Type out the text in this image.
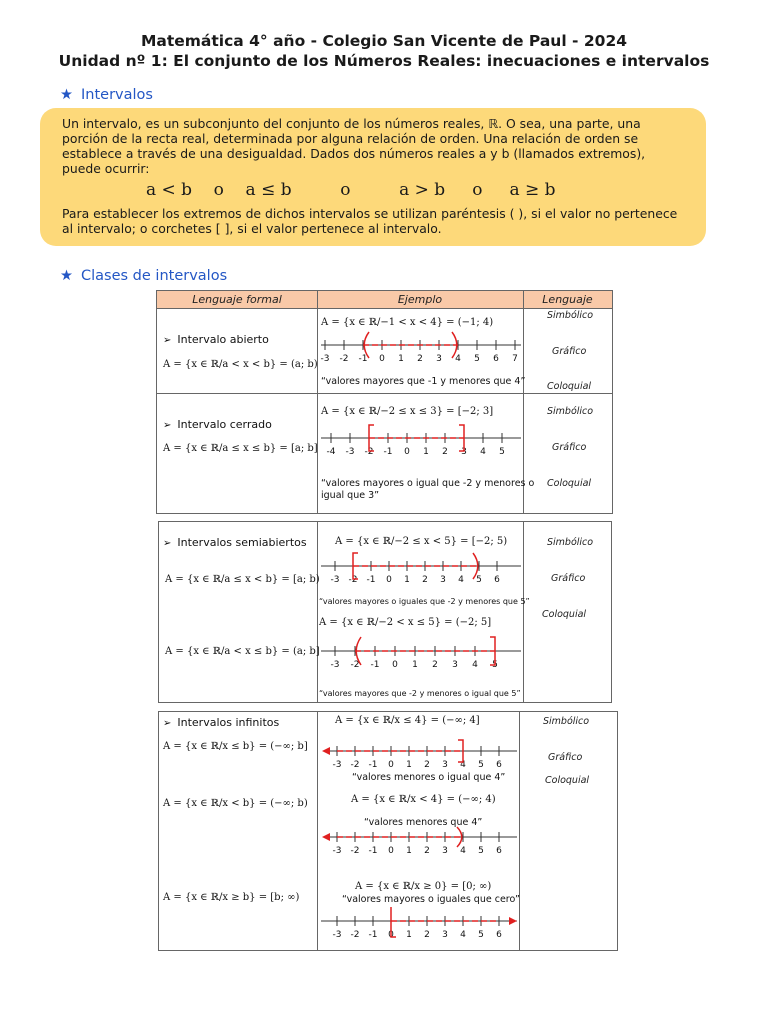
Matemática 4° año - Colegio San Vicente de Paul - 2024
Unidad nº 1: El conjunto de los Números Reales: inecuaciones e intervalos
★ Intervalos

Un intervalo, es un subconjunto del conjunto de los números reales, ℝ. O sea, una parte, una

porción de la recta real, determinada por alguna relación de orden. Una relación de orden se

establece a través de una desigualdad. Dados dos números reales a y b (llamados extremos),

puede ocurrir:

a < b    o    a ≤ b         o         a > b     o     a ≥ b

Para establecer los extremos de dichos intervalos se utilizan paréntesis ( ), si el valor no pertenece

al intervalo; o corchetes [ ], si el valor pertenece al intervalo.

★ Clases de intervalos
Lenguaje formal	Ejemplo	Lenguaje
➢ Intervalo abierto
A = {x ∈ ℝ/a < x < b} = (a; b)
A = {x ∈ ℝ/−1 < x < 4} = (−1; 4)
“valores mayores que -1 y menores que 4”
-3 -2 -1 0 1 2 3 4 5 6 7
Simbólico
Gráfico
Coloquial
➢ Intervalo cerrado
A = {x ∈ ℝ/a ≤ x ≤ b} = [a; b]
A = {x ∈ ℝ/−2 ≤ x ≤ 3} = [−2; 3]
-4 -3 -2 -1 0 1 2 3 4 5
“valores mayores o igual que -2 y menores o
igual que 3”
Simbólico
Gráfico
Coloquial
➢ Intervalos semiabiertos
A = {x ∈ ℝ/a ≤ x < b} = [a; b)
A = {x ∈ ℝ/a < x ≤ b} = (a; b]
A = {x ∈ ℝ/−2 ≤ x < 5} = [−2; 5)
-3 -2 -1 0 1 2 3 4 5 6
“valores mayores o iguales que -2 y menores que 5”
A = {x ∈ ℝ/−2 < x ≤ 5} = (−2; 5]
-3 -2 -1 0 1 2 3 4 5
“valores mayores que -2 y menores o igual que 5”
Simbólico
Gráfico
Coloquial
➢ Intervalos infinitos
A = {x ∈ ℝ/x ≤ b} = (−∞; b]
A = {x ∈ ℝ/x < b} = (−∞; b)
A = {x ∈ ℝ/x ≥ b} = [b; ∞)
A = {x ∈ ℝ/x ≤ 4} = (−∞; 4]
-3 -2 -1 0 1 2 3 4 5 6
“valores menores o igual que 4”
A = {x ∈ ℝ/x < 4} = (−∞; 4)
“valores menores que 4”
-3 -2 -1 0 1 2 3 4 5 6
A = {x ∈ ℝ/x ≥ 0} = [0; ∞)
“valores mayores o iguales que cero”
-3 -2 -1 0 1 2 3 4 5 6
Simbólico
Gráfico
Coloquial
